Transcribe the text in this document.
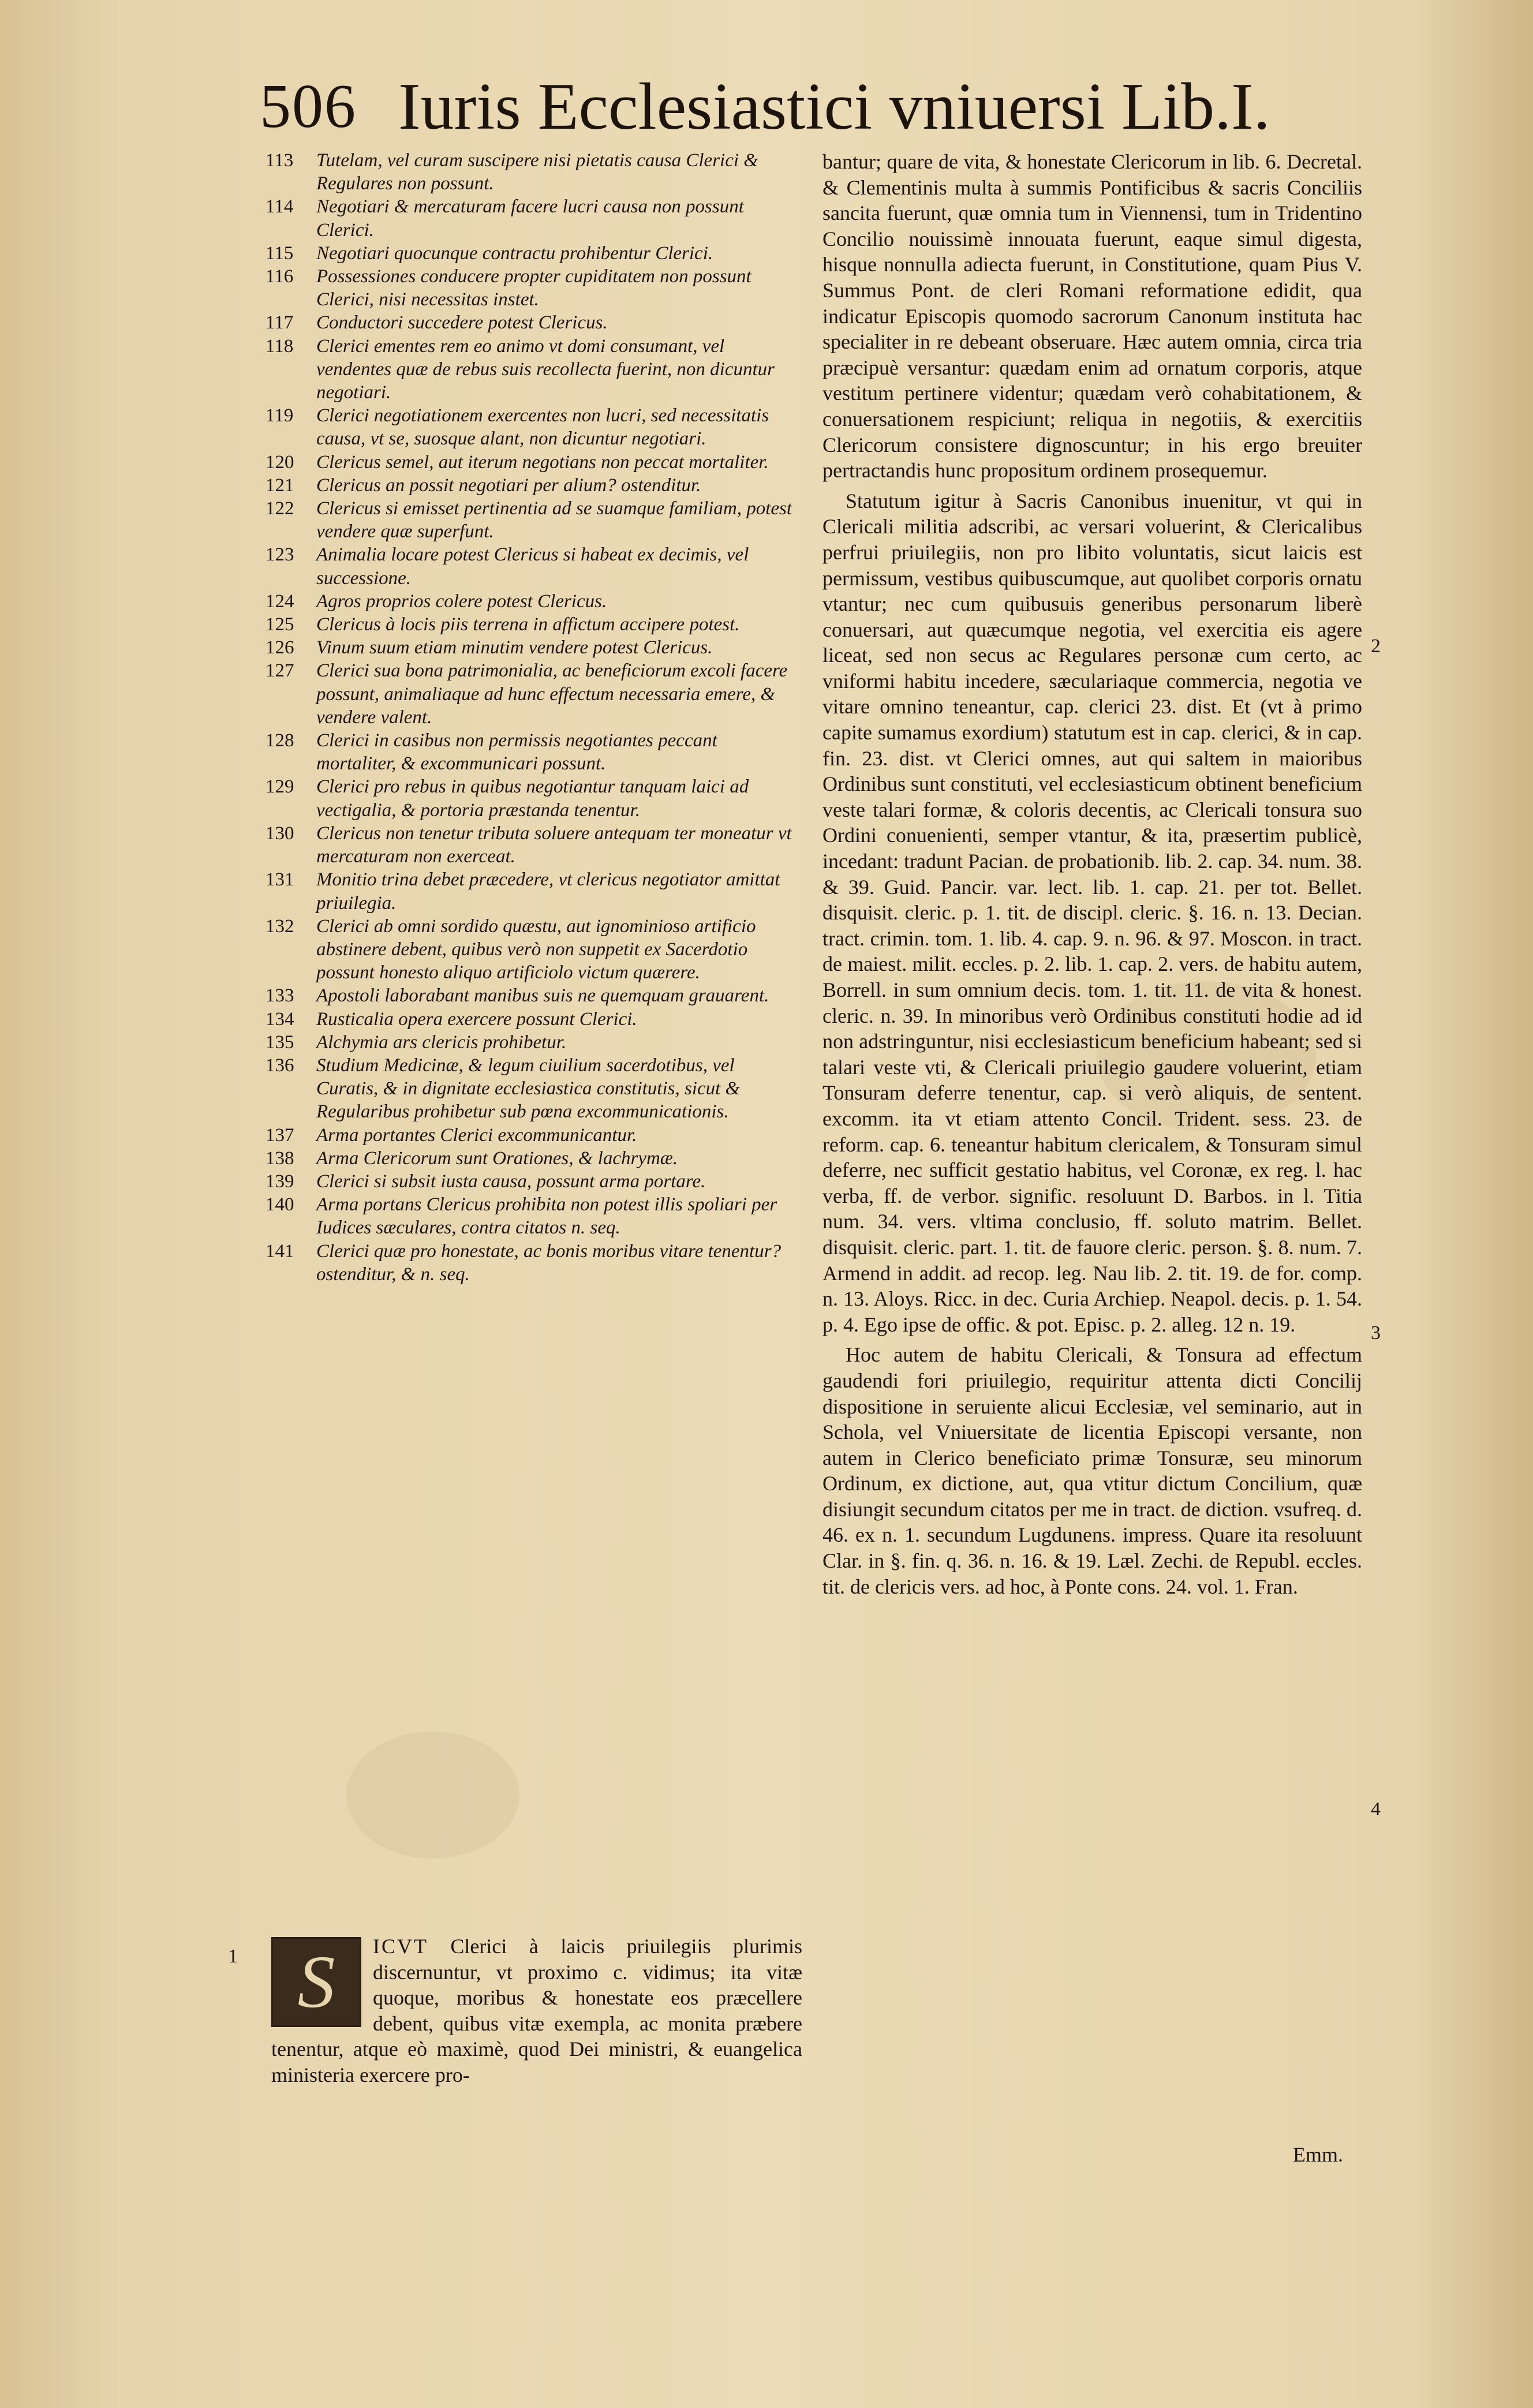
506 Iuris Ecclesiastici vniuersi Lib.I.
113	Tutelam, vel curam suscipere nisi pietatis causa Clerici & Regulares non possunt.
114	Negotiari & mercaturam facere lucri causa non possunt Clerici.
115	Negotiari quocunque contractu prohibentur Clerici.
116	Possessiones conducere propter cupiditatem non possunt Clerici, nisi necessitas instet.
117	Conductori succedere potest Clericus.
118	Clerici ementes rem eo animo vt domi consumant, vel vendentes quæ de rebus suis recollecta fuerint, non dicuntur negotiari.
119	Clerici negotiationem exercentes non lucri, sed necessitatis causa, vt se, suosque alant, non dicuntur negotiari.
120	Clericus semel, aut iterum negotians non peccat mortaliter.
121	Clericus an possit negotiari per alium? ostenditur.
122	Clericus si emisset pertinentia ad se suamque familiam, potest vendere quæ superfunt.
123	Animalia locare potest Clericus si habeat ex decimis, vel successione.
124	Agros proprios colere potest Clericus.
125	Clericus à locis piis terrena in affictum accipere potest.
126	Vinum suum etiam minutim vendere potest Clericus.
127	Clerici sua bona patrimonialia, ac beneficiorum excoli facere possunt, animaliaque ad hunc effectum necessaria emere, & vendere valent.
128	Clerici in casibus non permissis negotiantes peccant mortaliter, & excommunicari possunt.
129	Clerici pro rebus in quibus negotiantur tanquam laici ad vectigalia, & portoria præstanda tenentur.
130	Clericus non tenetur tributa soluere antequam ter moneatur vt mercaturam non exerceat.
131	Monitio trina debet præcedere, vt clericus negotiator amittat priuilegia.
132	Clerici ab omni sordido quæstu, aut ignominioso artificio abstinere debent, quibus verò non suppetit ex Sacerdotio possunt honesto aliquo artificiolo victum quærere.
133	Apostoli laborabant manibus suis ne quemquam grauarent.
134	Rusticalia opera exercere possunt Clerici.
135	Alchymia ars clericis prohibetur.
136	Studium Medicinæ, & legum ciuilium sacerdotibus, vel Curatis, & in dignitate ecclesiastica constitutis, sicut & Regularibus prohibetur sub pœna excommunicationis.
137	Arma portantes Clerici excommunicantur.
138	Arma Clericorum sunt Orationes, & lachrymæ.
139	Clerici si subsit iusta causa, possunt arma portare.
140	Arma portans Clericus prohibita non potest illis spoliari per Iudices sæculares, contra citatos n. seq.
141	Clerici quæ pro honestate, ac bonis moribus vitare tenentur? ostenditur, & n. seq.
1 S	ICVT Clerici à laicis priuilegiis plurimis discernuntur, vt proximo c. vidimus; ita vitæ quoque, moribus & honestate eos præcellere debent, quibus vitæ exempla, ac monita præbere tenentur, atque eò maximè, quod Dei ministri, & euangelica ministeria exercere pro-

bantur; quare de vita, & honestate Clericorum in lib. 6. Decretal. & Clementinis multa à summis Pontificibus & sacris Conciliis sancita fuerunt, quæ omnia tum in Viennensi, tum in Tridentino Concilio nouissimè innouata fuerunt, eaque simul digesta, hisque nonnulla adiecta fuerunt, in Constitutione, quam Pius V. Summus Pont. de cleri Romani reformatione edidit, qua indicatur Episcopis quomodo sacrorum Canonum instituta hac specialiter in re debeant obseruare. Hæc autem omnia, circa tria præcipuè versantur: quædam enim ad ornatum corporis, atque vestitum pertinere videntur; quædam verò cohabitationem, & conuersationem respiciunt; reliqua in negotiis, & exercitiis Clericorum consistere dignoscuntur; in his ergo breuiter pertractandis hunc propositum ordinem prosequemur.

Statutum igitur à Sacris Canonibus inuenitur, vt qui in Clericali militia adscribi, ac versari voluerint, & Clericalibus perfrui priuilegiis, non pro libito voluntatis, sicut laicis est permissum, vestibus quibuscumque, aut quolibet corporis ornatu vtantur; nec cum quibusuis generibus personarum liberè conuersari, aut quæcumque negotia, vel exercitia eis agere liceat, sed non secus ac Regulares personæ cum certo, ac vniformi habitu incedere, sæculariaque commercia, negotia ve vitare omnino teneantur, cap. clerici 23. dist. Et (vt à primo capite sumamus exordium) statutum est in cap. clerici, & in cap. fin. 23. dist. vt Clerici omnes, aut qui saltem in maioribus Ordinibus sunt constituti, vel ecclesiasticum obtinent beneficium veste talari formæ, & coloris decentis, ac Clericali tonsura suo Ordini conuenienti, semper vtantur, & ita, præsertim publicè, incedant: tradunt Pacian. de probationib. lib. 2. cap. 34. num. 38. & 39. Guid. Pancir. var. lect. lib. 1. cap. 21. per tot. Bellet. disquisit. cleric. p. 1. tit. de discipl. cleric. §. 16. n. 13. Decian. tract. crimin. tom. 1. lib. 4. cap. 9. n. 96. & 97. Moscon. in tract. de maiest. milit. eccles. p. 2. lib. 1. cap. 2. vers. de habitu autem, Borrell. in sum omnium decis. tom. 1. tit. 11. de vita & honest. cleric. n. 39. In minoribus verò Ordinibus constituti hodie ad id non adstringuntur, nisi ecclesiasticum beneficium habeant; sed si talari veste vti, & Clericali priuilegio gaudere voluerint, etiam Tonsuram deferre tenentur, cap. si verò aliquis, de sentent. excomm. ita vt etiam attento Concil. Trident. sess. 23. de reform. cap. 6. teneantur habitum clericalem, & Tonsuram simul deferre, nec sufficit gestatio habitus, vel Coronæ, ex reg. l. hac verba, ff. de verbor. signific. resoluunt D. Barbos. in l. Titia num. 34. vers. vltima conclusio, ff. soluto matrim. Bellet. disquisit. cleric. part. 1. tit. de fauore cleric. person. §. 8. num. 7. Armend in addit. ad recop. leg. Nau lib. 2. tit. 19. de for. comp. n. 13. Aloys. Ricc. in dec. Curia Archiep. Neapol. decis. p. 1. 54. p. 4. Ego ipse de offic. & pot. Episc. p. 2. alleg. 12 n. 19.

Hoc autem de habitu Clericali, & Tonsura ad effectum gaudendi fori priuilegio, requiritur attenta dicti Concilij dispositione in seruiente alicui Ecclesiæ, vel seminario, aut in Schola, vel Vniuersitate de licentia Episcopi versante, non autem in Clerico beneficiato primæ Tonsuræ, seu minorum Ordinum, ex dictione, aut, qua vtitur dictum Concilium, quæ disiungit secundum citatos per me in tract. de diction. vsufreq. d. 46. ex n. 1. secundum Lugdunens. impress. Quare ita resoluunt Clar. in §. fin. q. 36. n. 16. & 19. Læl. Zechi. de Republ. eccles. tit. de clericis vers. ad hoc, à Ponte cons. 24. vol. 1. Fran.

2
3
4
Emm.
